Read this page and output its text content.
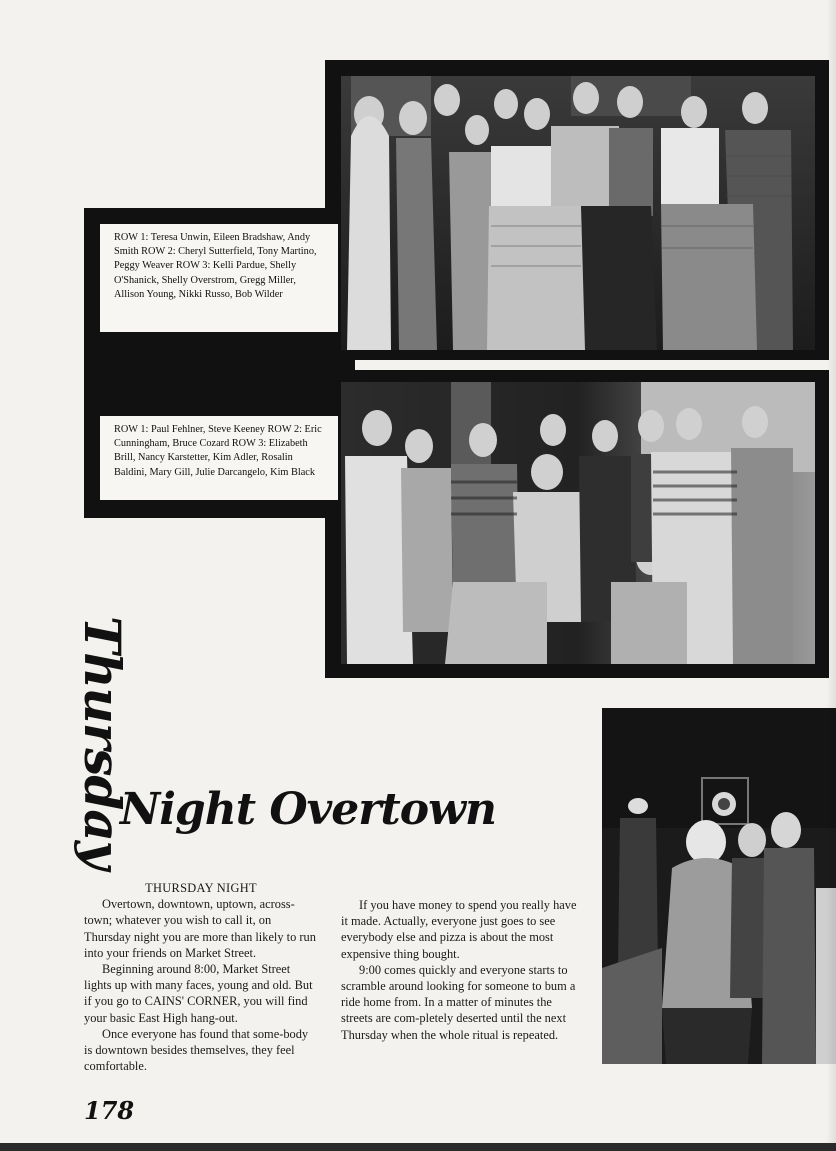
ROW 1: Teresa Unwin, Eileen Bradshaw, Andy Smith ROW 2: Cheryl Sutterfield, Tony Martino, Peggy Weaver ROW 3: Kelli Pardue, Shelly O'Shanick, Shelly Overstrom, Gregg Miller, Allison Young, Nikki Russo, Bob Wilder
ROW 1: Paul Fehlner, Steve Keeney ROW 2: Eric Cunningham, Bruce Cozard ROW 3: Elizabeth Brill, Nancy Karstetter, Kim Adler, Rosalin Baldini, Mary Gill, Julie Darcangelo, Kim Black
Thursday
Night Overtown

THURSDAY NIGHT

Overtown, downtown, uptown, across-town; whatever you wish to call it, on Thursday night you are more than likely to run into your friends on Market Street.

Beginning around 8:00, Market Street lights up with many faces, young and old. But if you go to CAINS' CORNER, you will find your basic East High hang-out.

Once everyone has found that some-body is downtown besides themselves, they feel comfortable.

If you have money to spend you really have it made. Actually, everyone just goes to see everybody else and pizza is about the most expensive thing bought.

9:00 comes quickly and everyone starts to scramble around looking for someone to bum a ride home from. In a matter of minutes the streets are com-pletely deserted until the next Thursday when the whole ritual is repeated.

178
